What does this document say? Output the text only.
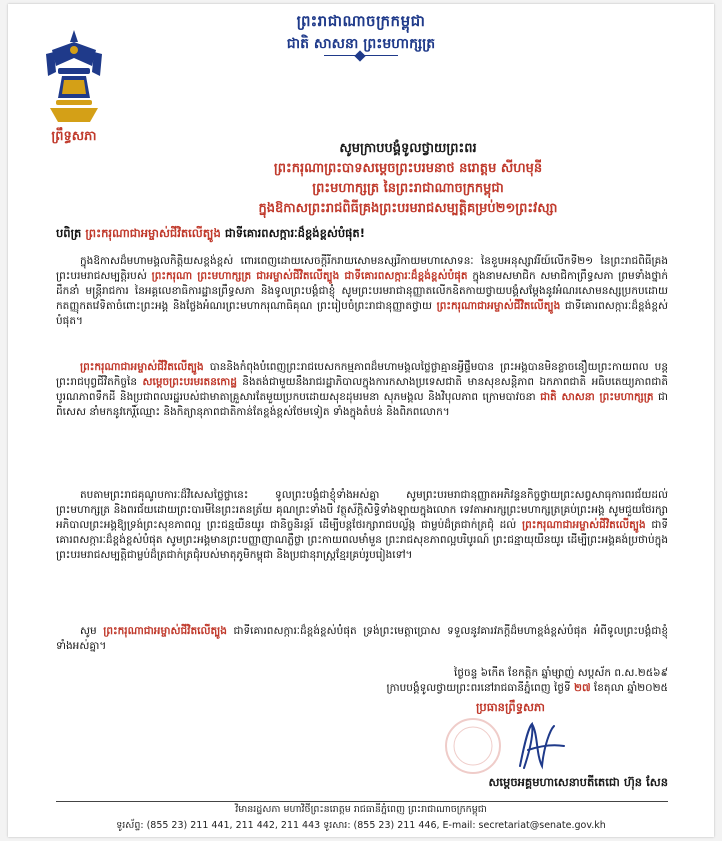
ព្រះរាជាណាចក្រកម្ពុជា
ជាតិ សាសនា ព្រះមហាក្សត្រ
ព្រឹទ្ធសភា
សូមក្រាបបង្គំទូលថ្វាយព្រះពរ
ព្រះករុណាព្រះបាទសម្តេចព្រះបរមនាថ នរោត្តម សីហមុនី
ព្រះមហាក្សត្រ នៃព្រះរាជាណាចក្រកម្ពុជា
ក្នុងឱកាសព្រះរាជពិធីគ្រងព្រះបរមរាជសម្បត្តិគម្រប់២១ព្រះវស្សា
បពិត្រ ព្រះករុណាជាអម្ចាស់ជីវិតលើត្បូង ជាទីគោរពសក្ការៈដ៏ខ្ពង់ខ្ពស់បំផុត!

ក្នុងឱកាសដ៏មហាមង្គលកិត្តិយសខ្ពង់ខ្ពស់ ពោរពេញដោយសេចក្តីរីករាយសោមនស្សរីកាយមហាសោទនៈ នៃខួបអនុស្សាវរីយ៍លើកទី២១ នៃព្រះរាជពិធីគ្រងព្រះបរមរាជសម្បត្តិរបស់ ព្រះករុណា ព្រះមហាក្សត្រ ជាអម្ចាស់ជីវិតលើត្បូង ជាទីគោរពសក្ការៈដ៏ខ្ពង់ខ្ពស់បំផុត ក្នុងនាមសមាជិក សមាជិកាព្រឹទ្ធសភា ព្រមទាំងថ្នាក់ដឹកនាំ មន្ត្រីរាជការ នៃអគ្គលេខាធិការដ្ឋានព្រឹទ្ធសភា និងទូលព្រះបង្គំជាខ្ញុំ សូមព្រះបរមរាជានុញ្ញាតលើកឧិតកាយថ្វាយបង្គំសម្តែងនូវអំណរសោមនស្សប្រកបដោយកតញ្ញុកតវេទិតាចំពោះព្រះអង្គ និងថ្លែងអំណរព្រះមហាករុណាធិគុណ ព្រះរៀបចំព្រះរាជានុញ្ញាតថ្វាយ ព្រះករុណាជាអម្ចាស់ជីវិតលើត្បូង ជាទីគោរពសក្ការៈដ៏ខ្ពង់ខ្ពស់បំផុត។

ព្រះករុណាជាអម្ចាស់ជីវិតលើត្បូង បាននិងកំពុងបំពេញព្រះរាជបេសកកម្មភាពដ៏មហាមង្គលថ្លៃថ្លាគ្មានអ្វីផ្ទឹមបាន ព្រះអង្គបានមិនខ្លាចនឿយព្រះកាយពល បន្តព្រះរាជបុព្វជីវិតកិច្ចនៃ សម្តេចព្រះបរមរតនកោដ្ឋ និងតង់ជាមួយនឹងរាជរដ្ឋាភិបាលក្នុងការកសាងប្រទេសជាតិ មានសុខសន្តិភាព ឯកភាពជាតិ អធិបតេយ្យភាពជាតិ បូរណភាពទឹកដី និងប្រជាពលរដ្ឋរបស់ជាមាតាគ្រួសារតែមួយប្រកបដោយសុខដុមរមនា សុភមង្គល និងវិបុលភាព ក្រោមបាវចនា ជាតិ សាសនា ព្រះមហាក្សត្រ ជាពិសេស នាំមកនូវកេរ្តិ៍ឈ្មោះ និងកិត្យានុភាពជាតិកាន់តែខ្ពង់ខ្ពស់ថែមទៀត ទាំងក្នុងតំបន់ និងពិភពលោក។

តបតាមព្រះរាជគុណូបការៈដ៏វិសេសថ្លៃថ្លានេះ ទូលព្រះបង្គំជាខ្ញុំទាំងអស់គ្នា សូមព្រះបរមរាជានុញ្ញាតអភិវន្ទនកិច្ចថ្វាយព្រះសព្វសាធុការពរជ័យដល់ព្រះមហាក្សត្រ និងពរជ័យដោយព្រះបារមីនៃព្រះរតនត្រ័យ គុណព្រះទាំងបី វត្ថុស័ក្តិសិទ្ធិទាំងឡាយក្នុងលោក ទេវតាអារក្សព្រះមហាក្សត្រគ្រប់ព្រះអង្គ សូមជួយថែរក្សាអភិបាលព្រះអង្គឱ្យទ្រង់ព្រះសុខភាពល្អ ព្រះជន្មយឺនយូរ ជានិច្ចនិរន្តរ៍ ដើម្បីបន្តថែរក្សារាជបល្ល័ង្ក ជាម្លប់ដ៏ត្រជាក់ត្រជុំ ដល់ ព្រះករុណាជាអម្ចាស់ជីវិតលើត្បូង ជាទីគោរពសក្ការៈដ៏ខ្ពង់ខ្ពស់បំផុត សូមព្រះអង្គមានព្រះបញ្ញាញាណភ្លឺថ្លា ព្រះកាយពលមាំមួន ព្រះរាជសុខភាពល្អបរិបូរណ៍ ព្រះជន្មាយុយឺនយូរ ដើម្បីព្រះអង្គគង់ប្រថាប់ក្នុងព្រះបរមរាជសម្បត្តិជាម្លប់ដ៏ត្រជាក់ត្រជុំរបស់មាតុភូមិកម្ពុជា និងប្រជានុរាស្ត្រខ្មែរគ្រប់រូបរៀងទៅ។

សូម ព្រះករុណាជាអម្ចាស់ជីវិតលើត្បូង ជាទីគោរពសក្ការៈដ៏ខ្ពង់ខ្ពស់បំផុត ទ្រង់ព្រះមេត្តាប្រោស ទទួលនូវគារវភក្តីដ៏មហាខ្ពង់ខ្ពស់បំផុត អំពីទូលព្រះបង្គំជាខ្ញុំទាំងអស់គ្នា។

ថ្ងៃចន្ទ ៦កើត ខែកត្តិក ឆ្នាំម្សាញ់ សប្តស័ក ព.ស.២៥៦៩
ក្រាបបង្គំទូលថ្វាយព្រះពរនៅរាជធានីភ្នំពេញ ថ្ងៃទី ២៧ ខែតុលា ឆ្នាំ២០២៥
ប្រធានព្រឹទ្ធសភា
សម្តេចអគ្គមហាសេនាបតីតេជោ ហ៊ុន សែន
វិមានរដ្ឋសភា មហាវិថីព្រះនរោត្តម រាជធានីភ្នំពេញ ព្រះរាជាណាចក្រកម្ពុជា
ទូរស័ព្ទ: (855 23) 211 441, 211 442, 211 443 ទូរសារ: (855 23) 211 446, E-mail: secretariat@senate.gov.kh
